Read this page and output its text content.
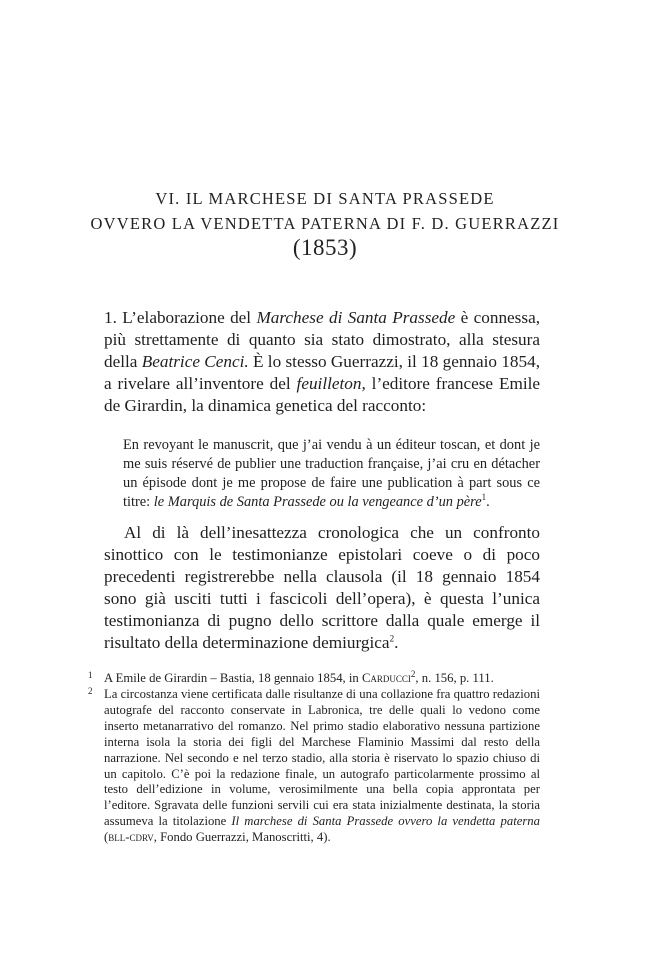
VI. IL MARCHESE DI SANTA PRASSEDE
OVVERO LA VENDETTA PATERNA DI F. D. GUERRAZZI
(1853)

1. L’elaborazione del Marchese di Santa Prassede è connessa, più strettamente di quanto sia stato dimostrato, alla stesura della Beatrice Cenci. È lo stesso Guerrazzi, il 18 gennaio 1854, a rivelare all’inventore del feuilleton, l’editore francese Emile de Girardin, la dinamica genetica del racconto:

En revoyant le manuscrit, que j’ai vendu à un éditeur toscan, et dont je me suis réservé de publier une traduction française, j’ai cru en détacher un épisode dont je me propose de faire une publication à part sous ce titre: le Marquis de Santa Prassede ou la vengeance d’un père$^1$.

Al di là dell’inesattezza cronologica che un confronto sinottico con le testimonianze epistolari coeve o di poco precedenti registrerebbe nella clausola (il 18 gennaio 1854 sono già usciti tutti i fascicoli dell’opera), è questa l’unica testimonianza di pugno dello scrittore dalla quale emerge il risultato della determinazione demiurgica$^2$.

1 A Emile de Girardin – Bastia, 18 gennaio 1854, in Carducci$^2$, n. 156, p. 111.
2 La circostanza viene certificata dalle risultanze di una collazione fra quattro redazioni autografe del racconto conservate in Labronica, tre delle quali lo vedono come inserto metanarrativo del romanzo. Nel primo stadio elaborativo nessuna partizione interna isola la storia dei figli del Marchese Flaminio Massimi dal resto della narrazione. Nel secondo e nel terzo stadio, alla storia è riservato lo spazio chiuso di un capitolo. C’è poi la redazione finale, un autografo particolarmente prossimo al testo dell’edizione in volume, verosimilmente una bella copia approntata per l’editore. Sgravata delle funzioni servili cui era stata inizialmente destinata, la storia assumeva la titolazione Il marchese di Santa Prassede ovvero la vendetta paterna (bll-cdrv, Fondo Guerrazzi, Manoscritti, 4).
